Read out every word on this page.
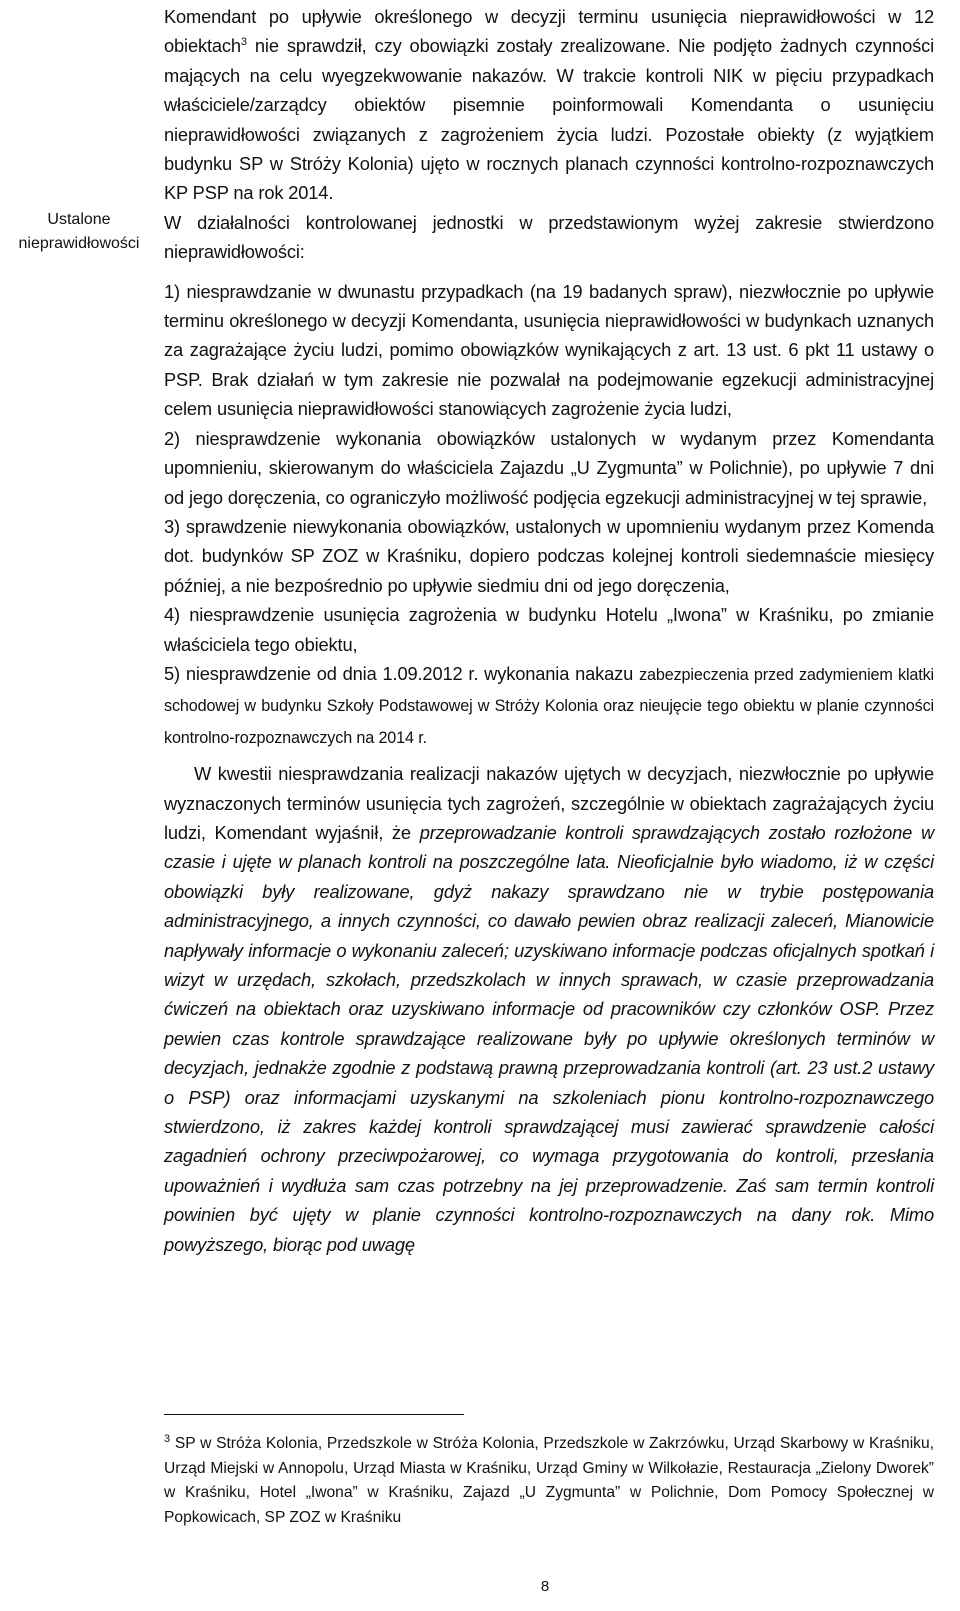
Ustalone
nieprawidłowości

Komendant po upływie określonego w decyzji terminu usunięcia nieprawidłowości w 12 obiektach$^3$ nie sprawdził, czy obowiązki zostały zrealizowane. Nie podjęto żadnych czynności mających na celu wyegzekwowanie nakazów. W trakcie kontroli NIK w pięciu przypadkach właściciele/zarządcy obiektów pisemnie poinformowali Komendanta o usunięciu nieprawidłowości związanych z zagrożeniem życia ludzi. Pozostałe obiekty (z wyjątkiem budynku SP w Stróży Kolonia) ujęto w rocznych planach czynności kontrolno-rozpoznawczych KP PSP na rok 2014.

W działalności kontrolowanej jednostki w przedstawionym wyżej zakresie stwierdzono nieprawidłowości:

1) niesprawdzanie w dwunastu przypadkach (na 19 badanych spraw), niezwłocznie po upływie terminu określonego w decyzji Komendanta, usunięcia nieprawidłowości w budynkach uznanych za zagrażające życiu ludzi, pomimo obowiązków wynikających z art. 13 ust. 6 pkt 11 ustawy o PSP. Brak działań w tym zakresie nie pozwalał na podejmowanie egzekucji administracyjnej celem usunięcia nieprawidłowości stanowiących zagrożenie życia ludzi,

2) niesprawdzenie wykonania obowiązków ustalonych w wydanym przez Komendanta upomnieniu, skierowanym do właściciela Zajazdu „U Zygmunta” w Polichnie), po upływie 7 dni od jego doręczenia, co ograniczyło możliwość podjęcia egzekucji administracyjnej w tej sprawie,

3) sprawdzenie niewykonania obowiązków, ustalonych w upomnieniu wydanym przez Komenda dot. budynków SP ZOZ w Kraśniku, dopiero podczas kolejnej kontroli siedemnaście miesięcy później, a nie bezpośrednio po upływie siedmiu dni od jego doręczenia,

4) niesprawdzenie usunięcia zagrożenia w budynku Hotelu „Iwona” w Kraśniku, po zmianie właściciela tego obiektu,

5) niesprawdzenie od dnia 1.09.2012 r. wykonania nakazu zabezpieczenia przed zadymieniem klatki schodowej w budynku Szkoły Podstawowej w Stróży Kolonia oraz nieujęcie tego obiektu w planie czynności kontrolno-rozpoznawczych na 2014 r.

W kwestii niesprawdzania realizacji nakazów ujętych w decyzjach, niezwłocznie po upływie wyznaczonych terminów usunięcia tych zagrożeń, szczególnie w obiektach zagrażających życiu ludzi, Komendant wyjaśnił, że przeprowadzanie kontroli sprawdzających zostało rozłożone w czasie i ujęte w planach kontroli na poszczególne lata. Nieoficjalnie było wiadomo, iż w części obowiązki były realizowane, gdyż nakazy sprawdzano nie w trybie postępowania administracyjnego, a innych czynności, co dawało pewien obraz realizacji zaleceń, Mianowicie napływały informacje o wykonaniu zaleceń; uzyskiwano informacje podczas oficjalnych spotkań i wizyt w urzędach, szkołach, przedszkolach w innych sprawach, w czasie przeprowadzania ćwiczeń na obiektach oraz uzyskiwano informacje od pracowników czy członków OSP. Przez pewien czas kontrole sprawdzające realizowane były po upływie określonych terminów w decyzjach, jednakże zgodnie z podstawą prawną przeprowadzania kontroli (art. 23 ust.2 ustawy o PSP) oraz informacjami uzyskanymi na szkoleniach pionu kontrolno-rozpoznawczego stwierdzono, iż zakres każdej kontroli sprawdzającej musi zawierać sprawdzenie całości zagadnień ochrony przeciwpożarowej, co wymaga przygotowania do kontroli, przesłania upoważnień i wydłuża sam czas potrzebny na jej przeprowadzenie. Zaś sam termin kontroli powinien być ujęty w planie czynności kontrolno-rozpoznawczych na dany rok. Mimo powyższego, biorąc pod uwagę

$^3$ SP w Stróża Kolonia, Przedszkole w Stróża Kolonia, Przedszkole w Zakrzówku, Urząd Skarbowy w Kraśniku, Urząd Miejski w Annopolu, Urząd Miasta w Kraśniku, Urząd Gminy w Wilkołazie, Restauracja „Zielony Dworek” w Kraśniku, Hotel „Iwona” w Kraśniku, Zajazd „U Zygmunta” w Polichnie, Dom Pomocy Społecznej w Popkowicach, SP ZOZ w Kraśniku
8
